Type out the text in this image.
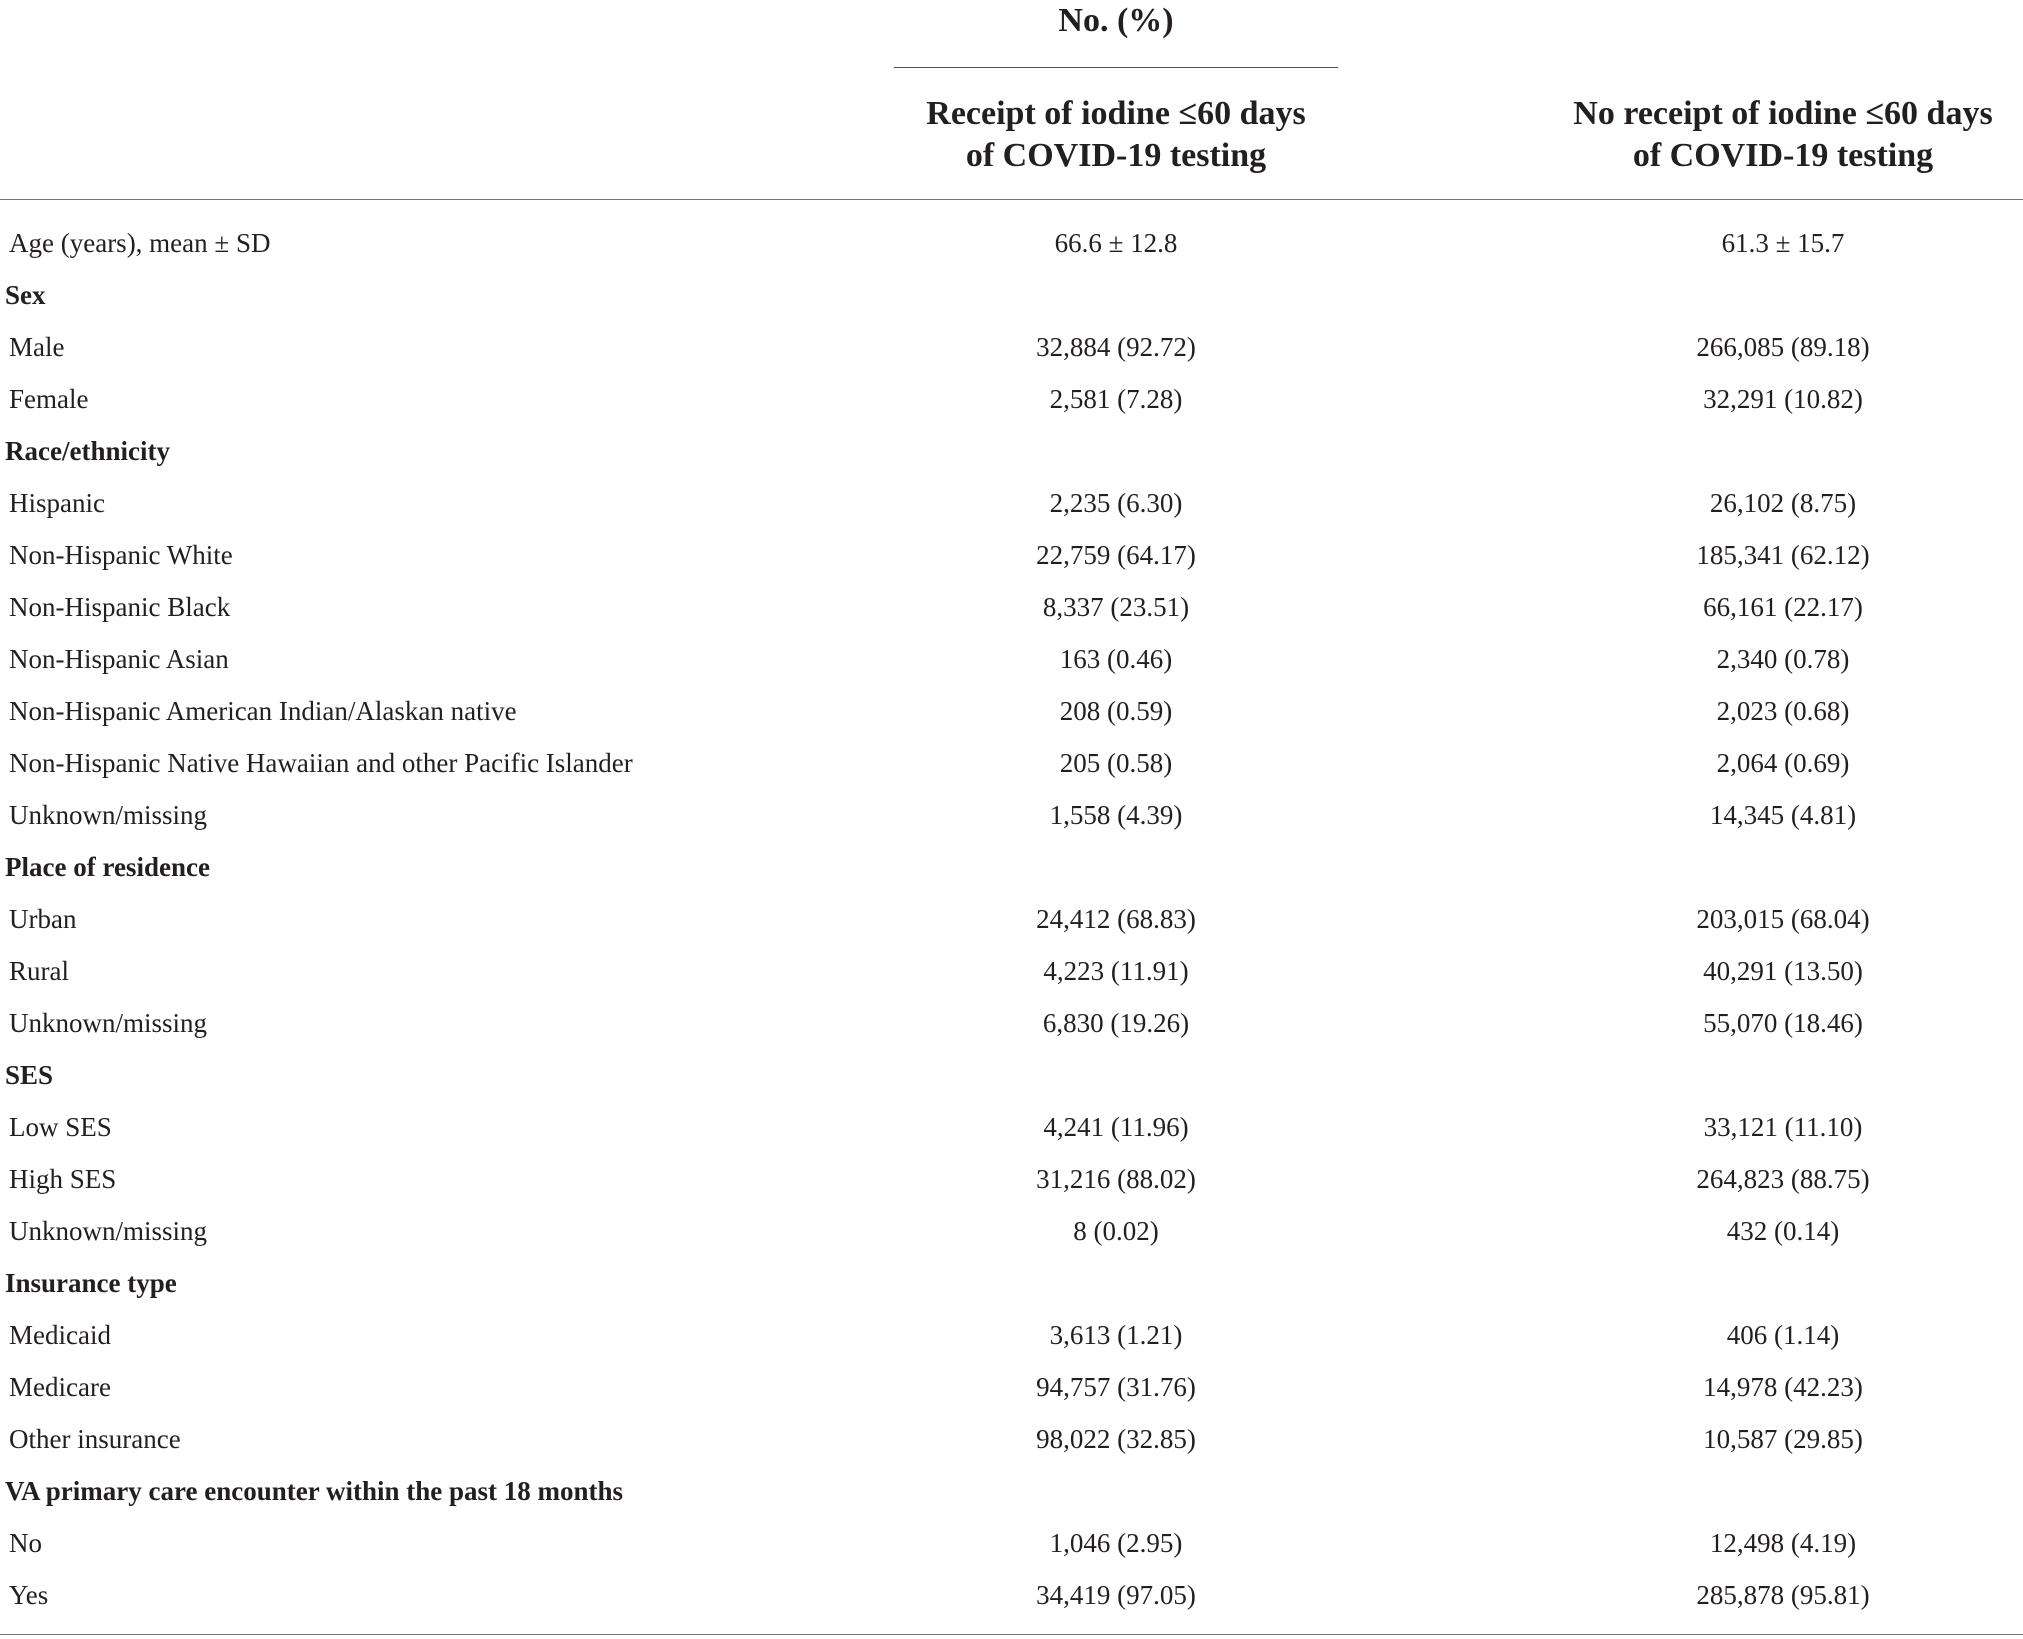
No. (%)
Receipt of iodine ≤60 days
of COVID-19 testing
No receipt of iodine ≤60 days
of COVID-19 testing
Age (years), mean ± SD	66.6 ± 12.8	61.3 ± 15.7
Sex
Male	32,884 (92.72)	266,085 (89.18)
Female	2,581 (7.28)	32,291 (10.82)
Race/ethnicity
Hispanic	2,235 (6.30)	26,102 (8.75)
Non-Hispanic White	22,759 (64.17)	185,341 (62.12)
Non-Hispanic Black	8,337 (23.51)	66,161 (22.17)
Non-Hispanic Asian	163 (0.46)	2,340 (0.78)
Non-Hispanic American Indian/Alaskan native	208 (0.59)	2,023 (0.68)
Non-Hispanic Native Hawaiian and other Pacific Islander	205 (0.58)	2,064 (0.69)
Unknown/missing	1,558 (4.39)	14,345 (4.81)
Place of residence
Urban	24,412 (68.83)	203,015 (68.04)
Rural	4,223 (11.91)	40,291 (13.50)
Unknown/missing	6,830 (19.26)	55,070 (18.46)
SES
Low SES	4,241 (11.96)	33,121 (11.10)
High SES	31,216 (88.02)	264,823 (88.75)
Unknown/missing	8 (0.02)	432 (0.14)
Insurance type
Medicaid	3,613 (1.21)	406 (1.14)
Medicare	94,757 (31.76)	14,978 (42.23)
Other insurance	98,022 (32.85)	10,587 (29.85)
VA primary care encounter within the past 18 months
No	1,046 (2.95)	12,498 (4.19)
Yes	34,419 (97.05)	285,878 (95.81)
